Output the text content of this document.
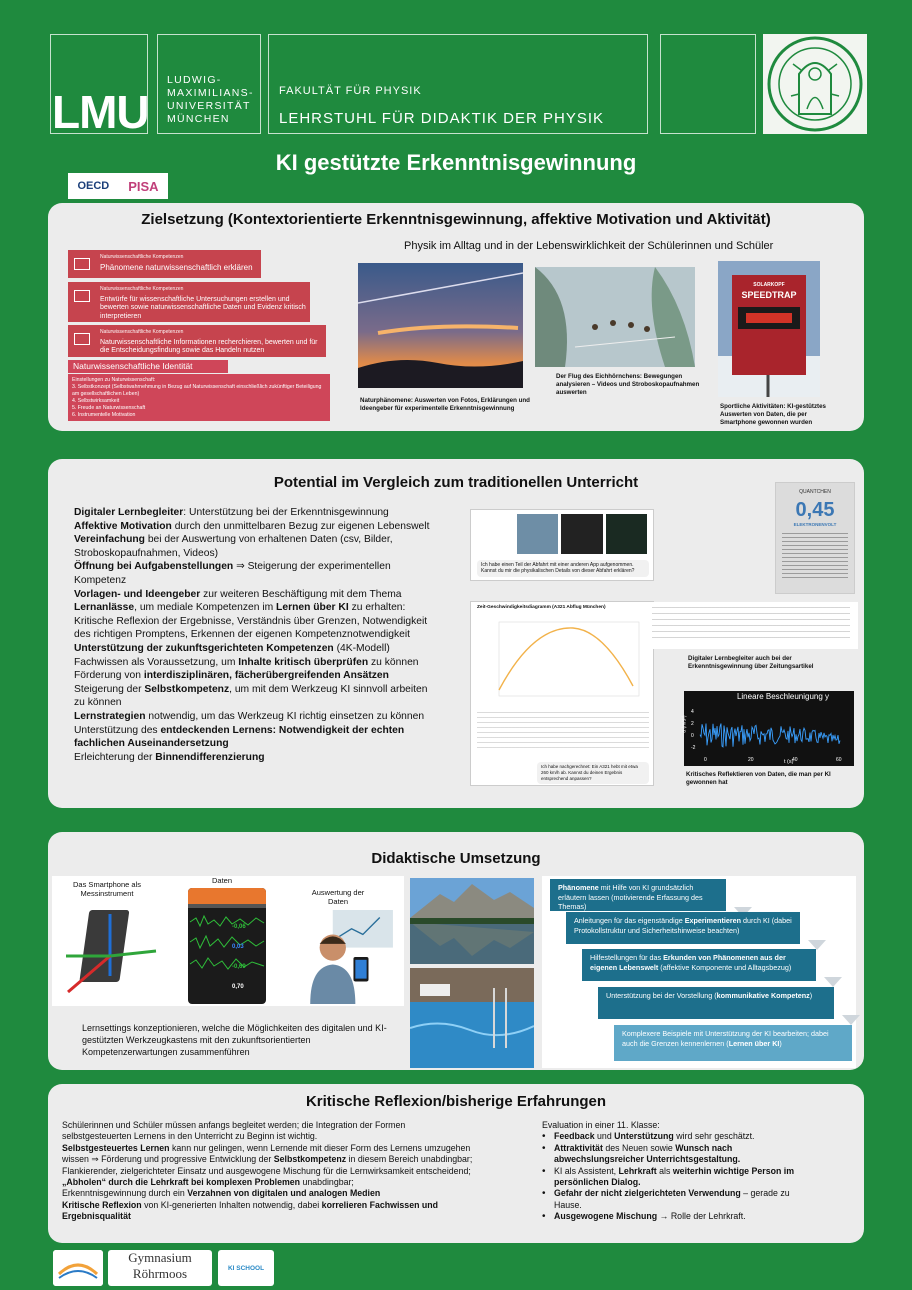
LMU
LUDWIG-
MAXIMILIANS-
UNIVERSITÄT
MÜNCHEN
FAKULTÄT FÜR PHYSIK
LEHRSTUHL FÜR DIDAKTIK DER PHYSIK
KI gestützte Erkenntnisgewinnung
OECD PISA
Zielsetzung (Kontextorientierte Erkenntnisgewinnung, affektive Motivation und Aktivität)
Physik im Alltag und in der Lebenswirklichkeit der Schülerinnen und Schüler
Naturwissenschaftliche Kompetenzen
Phänomene naturwissenschaftlich erklären
Naturwissenschaftliche Kompetenzen
Entwürfe für wissenschaftliche Untersuchungen erstellen und bewerten sowie naturwissenschaftliche Daten und Evidenz kritisch interpretieren
Naturwissenschaftliche Kompetenzen
Naturwissenschaftliche Informationen recherchieren, bewerten und für die Entscheidungsfindung sowie das Handeln nutzen
Naturwissenschaftliche Identität
Einstellungen zu Naturwissenschaft:
3. Selbstkonzept (Selbstwahrnehmung in Bezug auf Naturwissenschaft einschließlich zukünftiger Beteiligung am gesellschaftlichen Leben)
4. Selbstwirksamkeit
5. Freude an Naturwissenschaft
6. Instrumentelle Motivation
Naturphänomene: Auswerten von Fotos, Erklärungen und Ideengeber für experimentelle Erkenntnisgewinnung
Der Flug des Eichhörnchens: Bewegungen analysieren – Videos und Stroboskopaufnahmen auswerten
SOLARKOPF
SPEEDTRAP
Sportliche Aktivitäten: KI-gestütztes Auswerten von Daten, die per Smartphone gewonnen wurden
Potential im Vergleich zum traditionellen Unterricht
Digitaler Lernbegleiter: Unterstützung bei der Erkenntnisgewinnung
Affektive Motivation durch den unmittelbaren Bezug zur eigenen Lebenswelt
Vereinfachung bei der Auswertung von erhaltenen Daten (csv, Bilder,
Stroboskopaufnahmen, Videos)
Öffnung bei Aufgabenstellungen ⇒ Steigerung der experimentellen
Kompetenz
Vorlagen- und Ideengeber zur weiteren Beschäftigung mit dem Thema
Lernanlässe, um mediale Kompetenzen im Lernen über KI zu erhalten:
Kritische Reflexion der Ergebnisse, Verständnis über Grenzen, Notwendigkeit
des richtigen Promptens, Erkennen der eigenen Kompetenznotwendigkeit
Unterstützung der zukunftsgerichteten Kompetenzen (4K-Modell)
Fachwissen als Voraussetzung, um Inhalte kritisch überprüfen zu können
Förderung von interdisziplinären, fächerübergreifenden Ansätzen
Steigerung der Selbstkompetenz, um mit dem Werkzeug KI sinnvoll arbeiten
zu können
Lernstrategien notwendig, um das Werkzeug KI richtig einsetzen zu können
Unterstützung des entdeckenden Lernens: Notwendigkeit der echten
fachlichen Auseinandersetzung
Erleichterung der Binnendifferenzierung
Ich habe einen Teil der Abfahrt mit einer anderen App aufgenommen. Kannst du mir die physikalischen Details von dieser Abfahrt erklären?
QUANTCHEN
0,45
ELEKTRONENVOLT
Zeit-Geschwindigkeitsdiagramm (A321 Abflug München)
Ich habe nachgerechnet: Ein A321 hebt mit etwa 260 km/h ab. Kannst du deinen Ergebnis entsprechend anpassen?
Digitaler Lernbegleiter auch bei der Erkenntnisgewinnung über Zeitungsartikel
0	20	40	60
4
2
0
-2
Lineare Beschleunigung y
a (m/s²)
t (s)
Kritisches Reflektieren von Daten, die man per KI gewonnen hat
Didaktische Umsetzung
Das Smartphone als Messinstrument
Daten
-0,06
0,03
-0,69
0,70
Auswertung der Daten
Lernsettings konzeptionieren, welche die Möglichkeiten des digitalen und KI-gestützten Werkzeugkastens mit den zukunftsorientierten Kompetenzerwartungen zusammenführen
Phänomene mit Hilfe von KI grundsätzlich erläutern lassen (motivierende Erfassung des Themas)
Anleitungen für das eigenständige Experimentieren durch KI (dabei Protokollstruktur und Sicherheitshinweise beachten)
Hilfestellungen für das Erkunden von Phänomenen aus der eigenen Lebenswelt (affektive Komponente und Alltagsbezug)
Unterstützung bei der Vorstellung (kommunikative Kompetenz)
Komplexere Beispiele mit Unterstützung der KI bearbeiten; dabei auch die Grenzen kennenlernen (Lernen über KI)
Kritische Reflexion/bisherige Erfahrungen
Schülerinnen und Schüler müssen anfangs begleitet werden; die Integration der Formen
selbstgesteuerten Lernens in den Unterricht zu Beginn ist wichtig.
Selbstgesteuertes Lernen kann nur gelingen, wenn Lernende mit dieser Form des Lernens umzugehen
wissen ⇒ Förderung und progressive Entwicklung der Selbstkompetenz in diesem Bereich unabdingbar;
Flankierender, zielgerichteter Einsatz und ausgewogene Mischung für die Lernwirksamkeit entscheidend;
„Abholen“ durch die Lehrkraft bei komplexen Problemen unabdingbar;
Erkenntnisgewinnung durch ein Verzahnen von digitalen und analogen Medien
Kritische Reflexion von KI-generierten Inhalten notwendig, dabei korrelieren Fachwissen und
Ergebnisqualität
Evaluation in einer 11. Klasse:
• Feedback und Unterstützung wird sehr geschätzt.
• Attraktivität des Neuen sowie Wunsch nach abwechslungsreicher Unterrichtsgestaltung.
• KI als Assistent, Lehrkraft als weiterhin wichtige Person im persönlichen Dialog.
• Gefahr der nicht zielgerichteten Verwendung – gerade zu Hause.
• Ausgewogene Mischung → Rolle der Lehrkraft.
Gymnasium
Röhrmoos	KI SCHOOL
